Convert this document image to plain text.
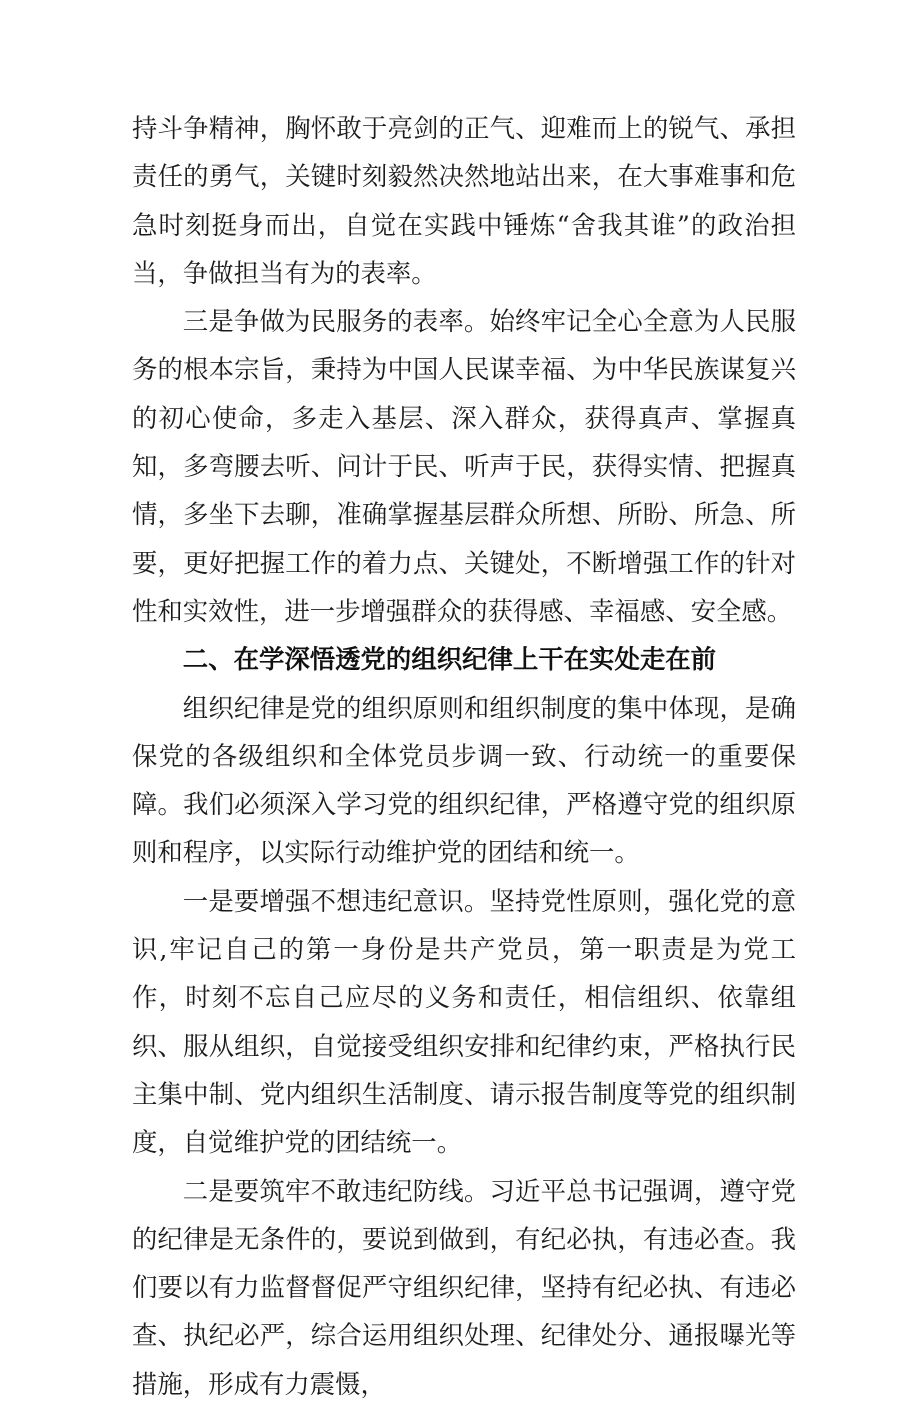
持斗争精神，胸怀敢于亮剑的正气、迎难而上的锐气、承担责任的勇气，关键时刻毅然决然地站出来，在大事难事和危急时刻挺身而出，自觉在实践中锤炼“舍我其谁”的政治担当，争做担当有为的表率。

三是争做为民服务的表率。始终牢记全心全意为人民服务的根本宗旨，秉持为中国人民谋幸福、为中华民族谋复兴的初心使命，多走入基层、深入群众，获得真声、掌握真知，多弯腰去听、问计于民、听声于民，获得实情、把握真情，多坐下去聊，准确掌握基层群众所想、所盼、所急、所要，更好把握工作的着力点、关键处，不断增强工作的针对性和实效性，进一步增强群众的获得感、幸福感、安全感。

二、在学深悟透党的组织纪律上干在实处走在前

组织纪律是党的组织原则和组织制度的集中体现，是确保党的各级组织和全体党员步调一致、行动统一的重要保障。我们必须深入学习党的组织纪律，严格遵守党的组织原则和程序，以实际行动维护党的团结和统一。

一是要增强不想违纪意识。坚持党性原则，强化党的意识,牢记自己的第一身份是共产党员，第一职责是为党工作，时刻不忘自己应尽的义务和责任，相信组织、依靠组织、服从组织，自觉接受组织安排和纪律约束，严格执行民主集中制、党内组织生活制度、请示报告制度等党的组织制度，自觉维护党的团结统一。

二是要筑牢不敢违纪防线。习近平总书记强调，遵守党的纪律是无条件的，要说到做到，有纪必执，有违必查。我们要以有力监督督促严守组织纪律，坚持有纪必执、有违必查、执纪必严，综合运用组织处理、纪律处分、通报曝光等措施，形成有力震慑，
